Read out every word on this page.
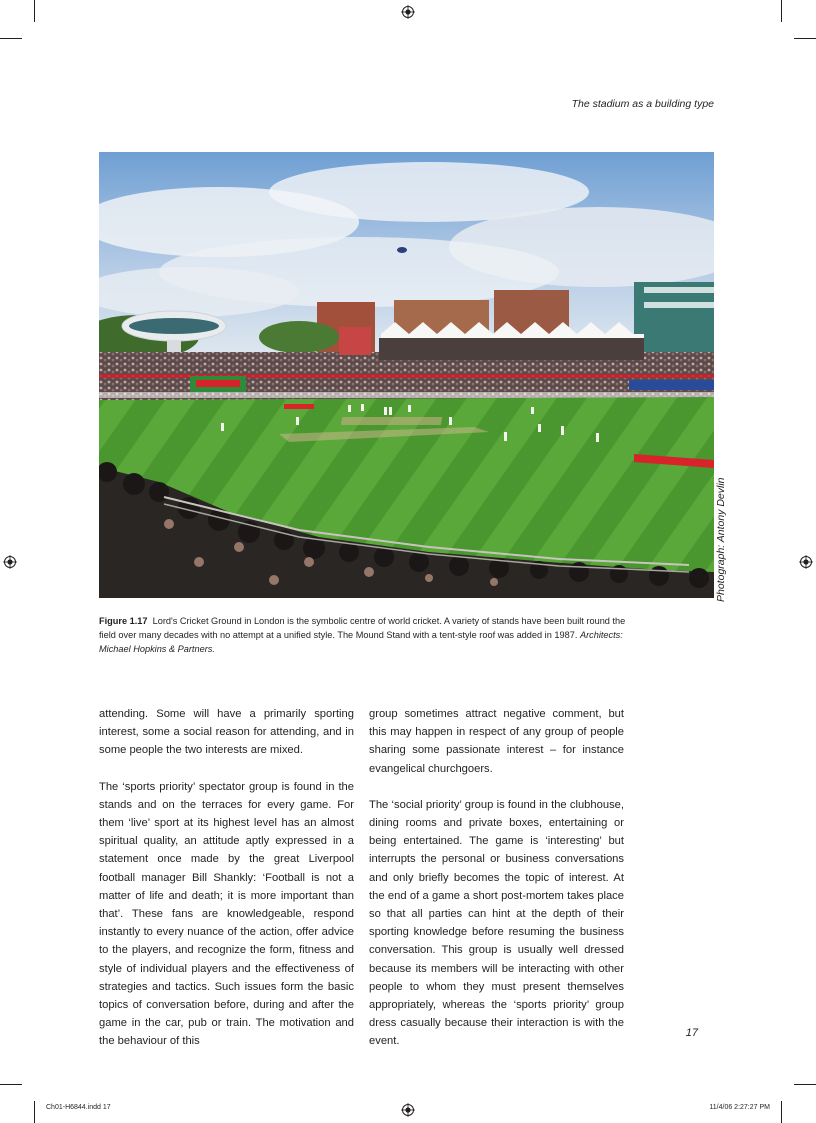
The stadium as a building type
Photograph: Antony Devlin
Figure 1.17 Lord's Cricket Ground in London is the symbolic centre of world cricket. A variety of stands have been built round the field over many decades with no attempt at a unified style. The Mound Stand with a tent-style roof was added in 1987. Architects: Michael Hopkins & Partners.

attending. Some will have a primarily sporting interest, some a social reason for attending, and in some people the two interests are mixed.

The ‘sports priority’ spectator group is found in the stands and on the terraces for every game. For them ‘live’ sport at its highest level has an almost spiritual quality, an attitude aptly expressed in a statement once made by the great Liverpool football manager Bill Shankly: ‘Football is not a matter of life and death; it is more important than that’. These fans are knowledgeable, respond instantly to every nuance of the action, offer advice to the players, and recognize the form, fitness and style of individual players and the effectiveness of strategies and tactics. Such issues form the basic topics of conversation before, during and after the game in the car, pub or train. The motivation and the behaviour of this

group sometimes attract negative comment, but this may happen in respect of any group of people sharing some passionate interest – for instance evangelical churchgoers.

The ‘social priority’ group is found in the clubhouse, dining rooms and private boxes, entertaining or being entertained. The game is ‘interesting’ but interrupts the personal or business conversations and only briefly becomes the topic of interest. At the end of a game a short post-mortem takes place so that all parties can hint at the depth of their sporting knowledge before resuming the business conversation. This group is usually well dressed because its members will be interacting with other people to whom they must present themselves appropriately, whereas the ‘sports priority’ group dress casually because their interaction is with the event.

17
Ch01-H6844.indd 17	11/4/06 2:27:27 PM
